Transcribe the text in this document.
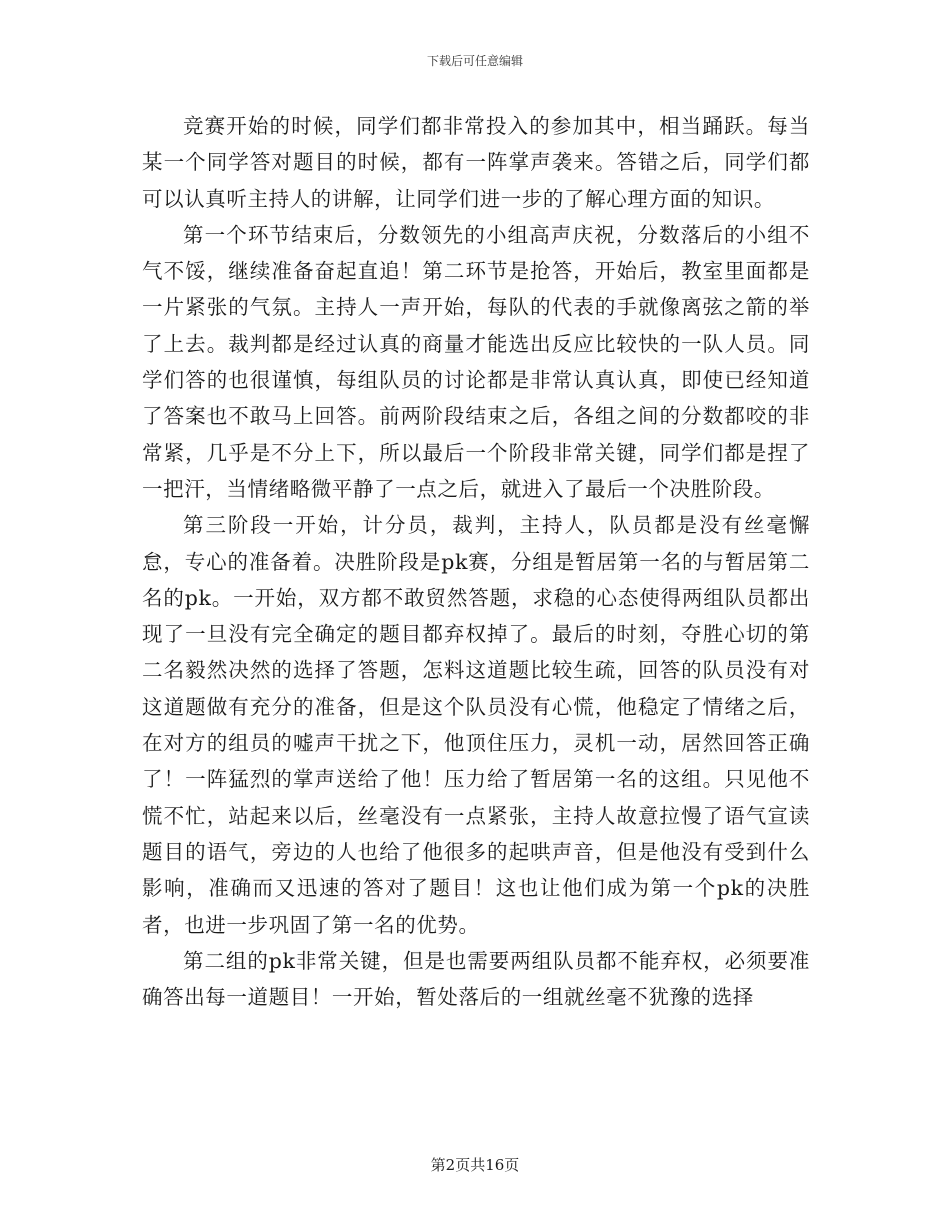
下载后可任意编辑

竞赛开始的时候，同学们都非常投入的参加其中，相当踊跃。每当某一个同学答对题目的时候，都有一阵掌声袭来。答错之后，同学们都可以认真听主持人的讲解，让同学们进一步的了解心理方面的知识。

第一个环节结束后，分数领先的小组高声庆祝，分数落后的小组不气不馁，继续准备奋起直追！第二环节是抢答，开始后，教室里面都是一片紧张的气氛。主持人一声开始，每队的代表的手就像离弦之箭的举了上去。裁判都是经过认真的商量才能选出反应比较快的一队人员。同学们答的也很谨慎，每组队员的讨论都是非常认真认真，即使已经知道了答案也不敢马上回答。前两阶段结束之后，各组之间的分数都咬的非常紧，几乎是不分上下，所以最后一个阶段非常关键，同学们都是捏了一把汗，当情绪略微平静了一点之后，就进入了最后一个决胜阶段。

第三阶段一开始，计分员，裁判，主持人，队员都是没有丝毫懈怠，专心的准备着。决胜阶段是pk赛，分组是暂居第一名的与暂居第二名的pk。一开始，双方都不敢贸然答题，求稳的心态使得两组队员都出现了一旦没有完全确定的题目都弃权掉了。最后的时刻，夺胜心切的第二名毅然决然的选择了答题，怎料这道题比较生疏，回答的队员没有对这道题做有充分的准备，但是这个队员没有心慌，他稳定了情绪之后，在对方的组员的嘘声干扰之下，他顶住压力，灵机一动，居然回答正确了！一阵猛烈的掌声送给了他！压力给了暂居第一名的这组。只见他不慌不忙，站起来以后，丝毫没有一点紧张，主持人故意拉慢了语气宣读题目的语气，旁边的人也给了他很多的起哄声音，但是他没有受到什么影响，准确而又迅速的答对了题目！这也让他们成为第一个pk的决胜者，也进一步巩固了第一名的优势。

第二组的pk非常关键，但是也需要两组队员都不能弃权，必须要准确答出每一道题目！一开始，暂处落后的一组就丝毫不犹豫的选择

第2页共16页
